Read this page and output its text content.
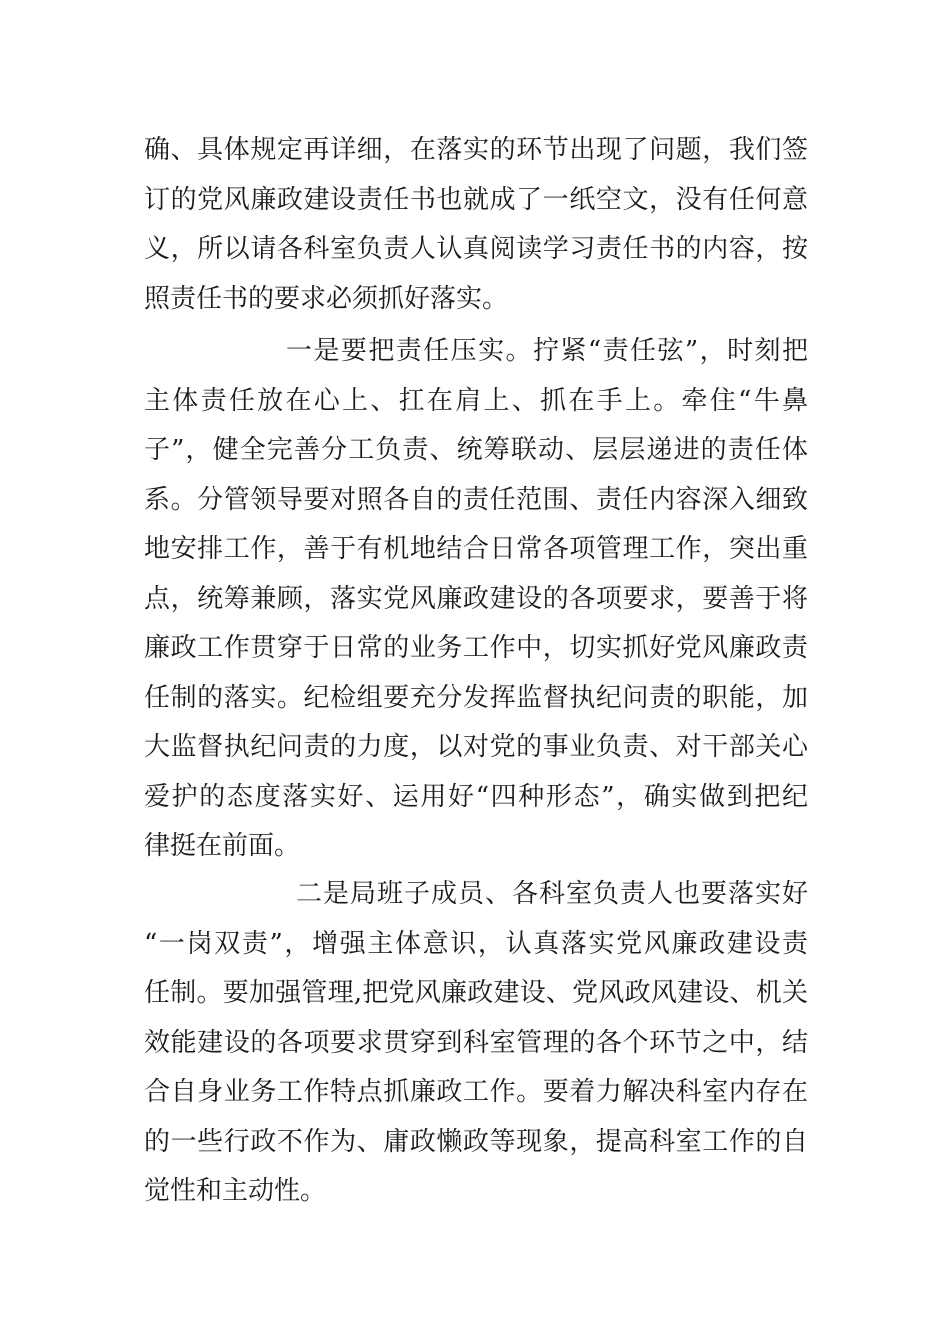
确、具体规定再详细，在落实的环节出现了问题，我们签
订的党风廉政建设责任书也就成了一纸空文，没有任何意
义，所以请各科室负责人认真阅读学习责任书的内容，按
照责任书的要求必须抓好落实。
一是要把责任压实。拧紧“责任弦”，时刻把
主体责任放在心上、扛在肩上、抓在手上。牵住“牛鼻
子”，健全完善分工负责、统筹联动、层层递进的责任体
系。分管领导要对照各自的责任范围、责任内容深入细致
地安排工作，善于有机地结合日常各项管理工作，突出重
点，统筹兼顾，落实党风廉政建设的各项要求，要善于将
廉政工作贯穿于日常的业务工作中，切实抓好党风廉政责
任制的落实。纪检组要充分发挥监督执纪问责的职能，加
大监督执纪问责的力度，以对党的事业负责、对干部关心
爱护的态度落实好、运用好“四种形态”，确实做到把纪
律挺在前面。
二是局班子成员、各科室负责人也要落实好
“一岗双责”，增强主体意识，认真落实党风廉政建设责
任制。要加强管理,把党风廉政建设、党风政风建设、机关
效能建设的各项要求贯穿到科室管理的各个环节之中，结
合自身业务工作特点抓廉政工作。要着力解决科室内存在
的一些行政不作为、庸政懒政等现象，提高科室工作的自
觉性和主动性。
